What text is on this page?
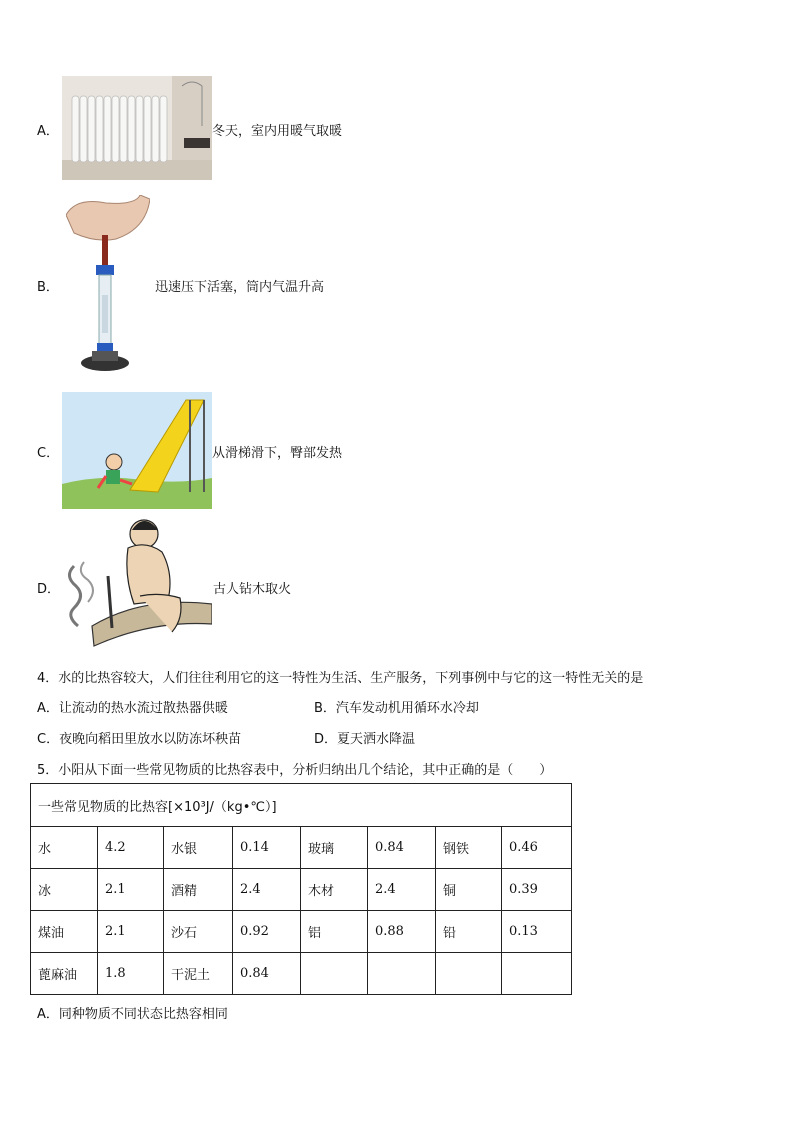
A．	冬天，室内用暖气取暖
B．	迅速压下活塞，筒内气温升高
C．	从滑梯滑下，臀部发热
D．	古人钻木取火
4．水的比热容较大，人们往往利用它的这一特性为生活、生产服务，下列事例中与它的这一特性无关的是
A．让流动的热水流过散热器供暖	B．汽车发动机用循环水冷却
C．夜晚向稻田里放水以防冻坏秧苗	D．夏天洒水降温
5．小阳从下面一些常见物质的比热容表中，分析归纳出几个结论，其中正确的是（　　）
一些常见物质的比热容[×10³J/（kg•℃）]							
水	4.2	水银	0.14	玻璃	0.84	钢铁	0.46
冰	2.1	酒精	2.4	木材	2.4	铜	0.39
煤油	2.1	沙石	0.92	铝	0.88	铅	0.13
蓖麻油	1.8	干泥土	0.84				
A．同种物质不同状态比热容相同
